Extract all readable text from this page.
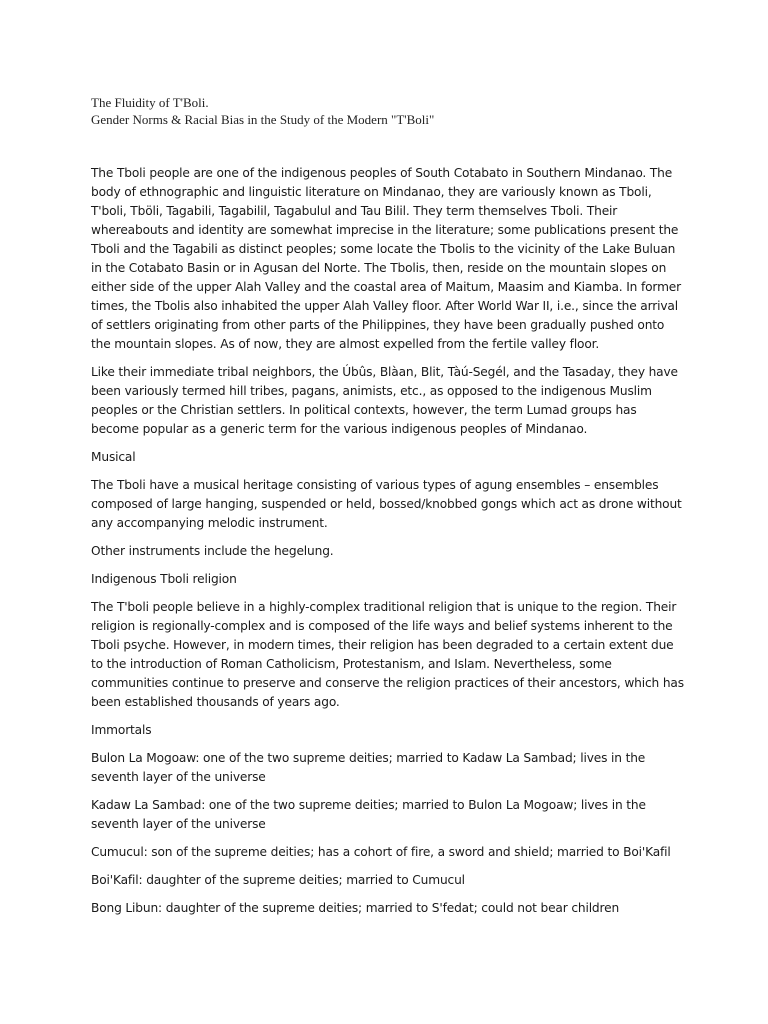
The Fluidity of T'Boli.
Gender Norms & Racial Bias in the Study of the Modern "T'Boli"

The Tboli people are one of the indigenous peoples of South Cotabato in Southern Mindanao. The body of ethnographic and linguistic literature on Mindanao, they are variously known as Tboli, T'boli, Tböli, Tagabili, Tagabilil, Tagabulul and Tau Bilil. They term themselves Tboli. Their whereabouts and identity are somewhat imprecise in the literature; some publications present the Tboli and the Tagabili as distinct peoples; some locate the Tbolis to the vicinity of the Lake Buluan in the Cotabato Basin or in Agusan del Norte. The Tbolis, then, reside on the mountain slopes on either side of the upper Alah Valley and the coastal area of Maitum, Maasim and Kiamba. In former times, the Tbolis also inhabited the upper Alah Valley floor. After World War II, i.e., since the arrival of settlers originating from other parts of the Philippines, they have been gradually pushed onto the mountain slopes. As of now, they are almost expelled from the fertile valley floor.

Like their immediate tribal neighbors, the Úbûs, Blàan, Blit, Tàú-Segél, and the Tasaday, they have been variously termed hill tribes, pagans, animists, etc., as opposed to the indigenous Muslim peoples or the Christian settlers. In political contexts, however, the term Lumad groups has become popular as a generic term for the various indigenous peoples of Mindanao.

Musical

The Tboli have a musical heritage consisting of various types of agung ensembles – ensembles composed of large hanging, suspended or held, bossed/knobbed gongs which act as drone without any accompanying melodic instrument.

Other instruments include the hegelung.

Indigenous Tboli religion

The T'boli people believe in a highly-complex traditional religion that is unique to the region. Their religion is regionally-complex and is composed of the life ways and belief systems inherent to the Tboli psyche. However, in modern times, their religion has been degraded to a certain extent due to the introduction of Roman Catholicism, Protestanism, and Islam. Nevertheless, some communities continue to preserve and conserve the religion practices of their ancestors, which has been established thousands of years ago.

Immortals

Bulon La Mogoaw: one of the two supreme deities; married to Kadaw La Sambad; lives in the seventh layer of the universe

Kadaw La Sambad: one of the two supreme deities; married to Bulon La Mogoaw; lives in the seventh layer of the universe

Cumucul: son of the supreme deities; has a cohort of fire, a sword and shield; married to Boi'Kafil

Boi'Kafil: daughter of the supreme deities; married to Cumucul

Bong Libun: daughter of the supreme deities; married to S'fedat; could not bear children
